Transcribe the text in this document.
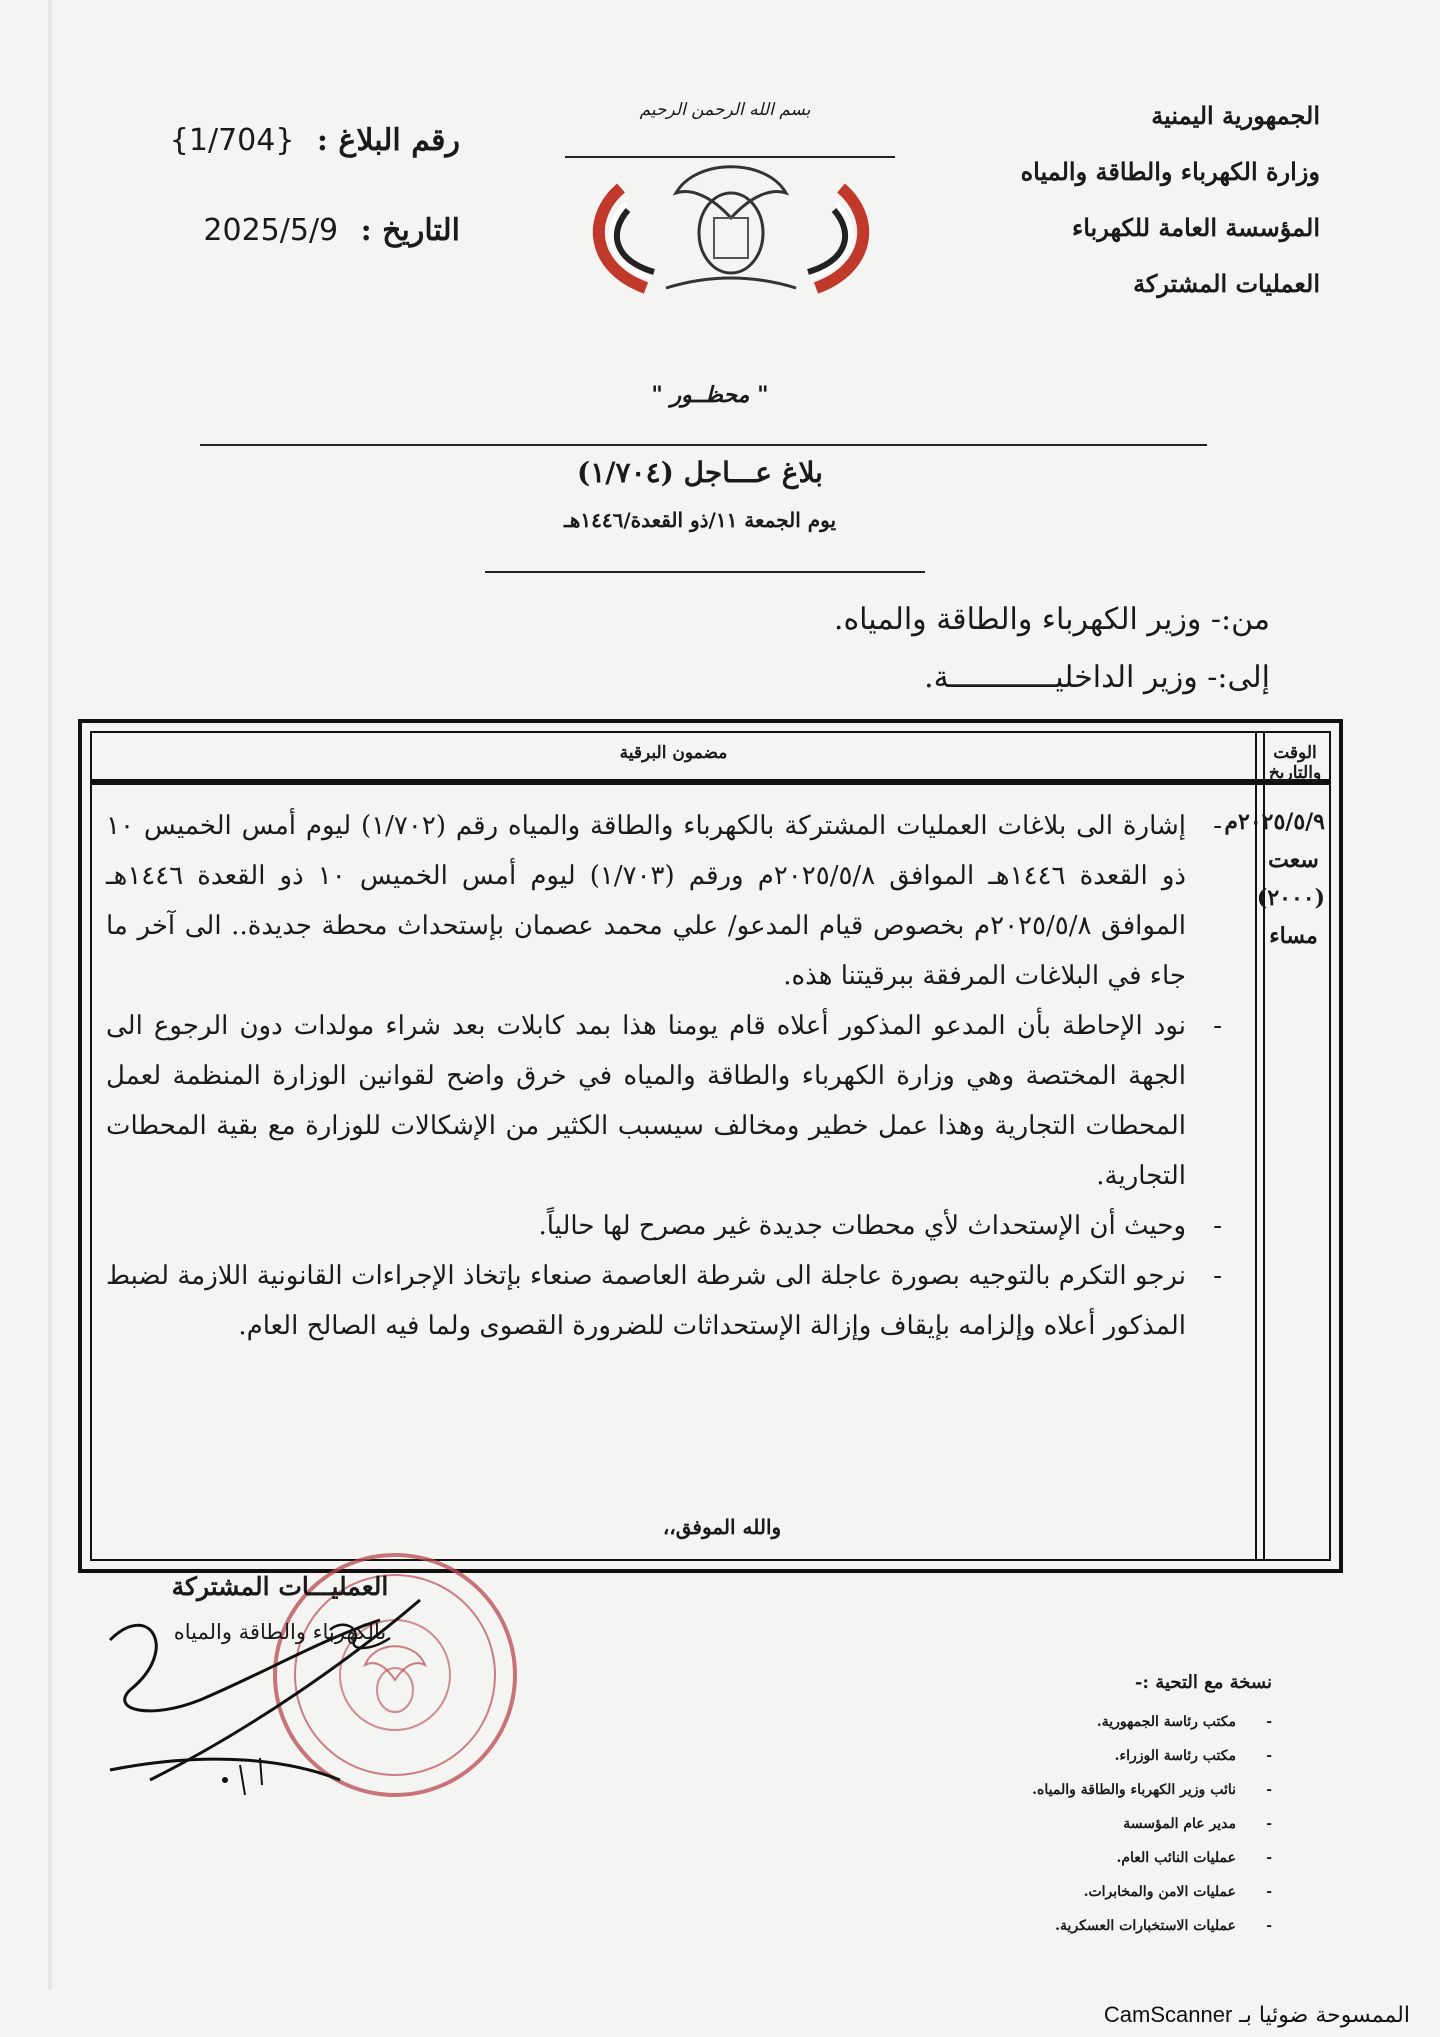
الجمهورية اليمنية
وزارة الكهرباء والطاقة والمياه
المؤسسة العامة للكهرباء
العمليات المشتركة
بسم الله الرحمن الرحيم
رقم البلاغ : {1/704}
التاريخ : 2025/5/9
" محظــور "
بلاغ عـــاجل (١/٧٠٤)
يوم الجمعة ١١/ذو القعدة/١٤٤٦هـ
من:- وزير الكهرباء والطاقة والمياه.
إلى:- وزير الداخليــــــــــــة.
مضمون البرقية	الوقت والتاريخ
٢٠٢٥/٥/٩م
سعت (٢٠٠٠)
مساء

-
إشارة الى بلاغات العمليات المشتركة بالكهرباء والطاقة والمياه رقم (١/٧٠٢) ليوم أمس الخميس ١٠ ذو القعدة ١٤٤٦هـ الموافق ٢٠٢٥/٥/٨م ورقم (١/٧٠٣) ليوم أمس الخميس ١٠ ذو القعدة ١٤٤٦هـ الموافق ٢٠٢٥/٥/٨م بخصوص قيام المدعو/ علي محمد عصمان بإستحداث محطة جديدة.. الى آخر ما جاء في البلاغات المرفقة ببرقيتنا هذه.

-
نود الإحاطة بأن المدعو المذكور أعلاه قام يومنا هذا بمد كابلات بعد شراء مولدات دون الرجوع الى الجهة المختصة وهي وزارة الكهرباء والطاقة والمياه في خرق واضح لقوانين الوزارة المنظمة لعمل المحطات التجارية وهذا عمل خطير ومخالف سيسبب الكثير من الإشكالات للوزارة مع بقية المحطات التجارية.

-
وحيث أن الإستحداث لأي محطات جديدة غير مصرح لها حالياً.

-
نرجو التكرم بالتوجيه بصورة عاجلة الى شرطة العاصمة صنعاء بإتخاذ الإجراءات القانونية اللازمة لضبط المذكور أعلاه وإلزامه بإيقاف وإزالة الإستحداثات للضرورة القصوى ولما فيه الصالح العام.

والله الموفق،،
العمليـــات المشتركة
بالكهرباء والطاقة والمياه
نسخة مع التحية :-
- مكتب رئاسة الجمهورية.
- مكتب رئاسة الوزراء.
- نائب وزير الكهرباء والطاقة والمياه.
- مدير عام المؤسسة
- عمليات النائب العام.
- عمليات الامن والمخابرات.
- عمليات الاستخبارات العسكرية.
الممسوحة ضوئيا بـ CamScanner
